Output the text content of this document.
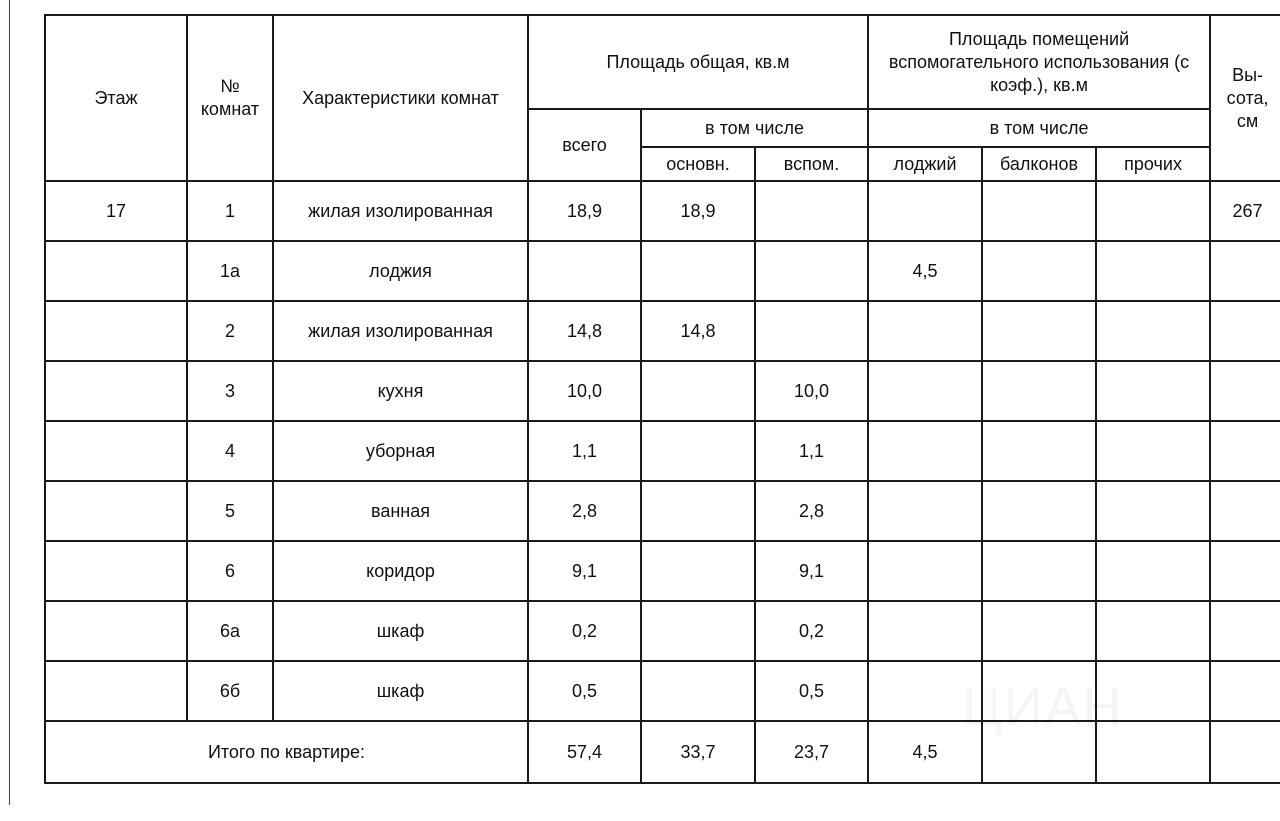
Этаж	№ комнат	Характеристики комнат	Площадь общая, кв.м			Площадь помещений вспомогательного использования (с коэф.), кв.м			Вы-сота, см
			всего	в том числе		в том числе			
				основн.	вспом.	лоджий	балконов	прочих	
17	1	жилая изолированная	18,9	18,9					267
	1а	лоджия				4,5			
	2	жилая изолированная	14,8	14,8					
	3	кухня	10,0		10,0				
	4	уборная	1,1		1,1				
	5	ванная	2,8		2,8				
	6	коридор	9,1		9,1				
	6а	шкаф	0,2		0,2				
	6б	шкаф	0,5		0,5				
Итого по квартире:			57,4	33,7	23,7	4,5			
